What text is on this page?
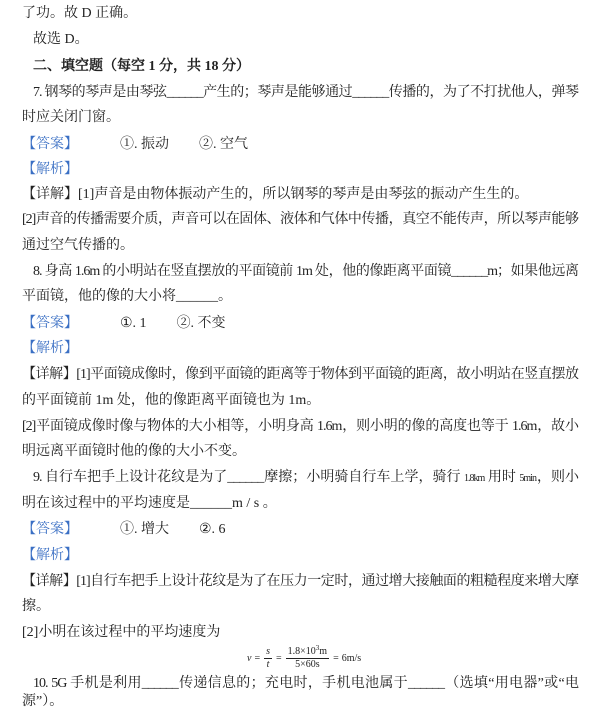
了功。故 D 正确。
故选 D。
二、填空题（每空 1 分，共 18 分）
7. 钢琴的琴声是由琴弦______产生的；琴声是能够通过______传播的，为了不打扰他人，弹琴
时应关闭门窗。
【答案】	①. 振动 ②. 空气
【解析】
【详解】[1]声音是由物体振动产生的，所以钢琴的琴声是由琴弦的振动产生生的。
[2]声音的传播需要介质，声音可以在固体、液体和气体中传播，真空不能传声，所以琴声能够
通过空气传播的。
8. 身高 1.6m 的小明站在竖直摆放的平面镜前 1m 处，他的像距离平面镜______m；如果他远离
平面镜，他的像的大小将______。
【答案】	①. 1 ②. 不变
【解析】
【详解】[1]平面镜成像时，像到平面镜的距离等于物体到平面镜的距离，故小明站在竖直摆放
的平面镜前 1m 处，他的像距离平面镜也为 1m。
[2]平面镜成像时像与物体的大小相等，小明身高 1.6m，则小明的像的高度也等于 1.6m，故小
明远离平面镜时他的像的大小不变。
9. 自行车把手上设计花纹是为了______摩擦；小明骑自行车上学，骑行 1.8km 用时 5min，则小
明在该过程中的平均速度是______m / s 。
【答案】	①. 增大 ②. 6
【解析】
【详解】[1]自行车把手上设计花纹是为了在压力一定时，通过增大接触面的粗糙程度来增大摩
擦。
[2]小明在该过程中的平均速度为
$v = \frac{s}{t} = \frac{1.8\times 10^3m}{5\times 60s} = 6m/s$
10. 5G 手机是利用______传递信息的；充电时，手机电池属于______（选填“用电器”或“电
源”）。
